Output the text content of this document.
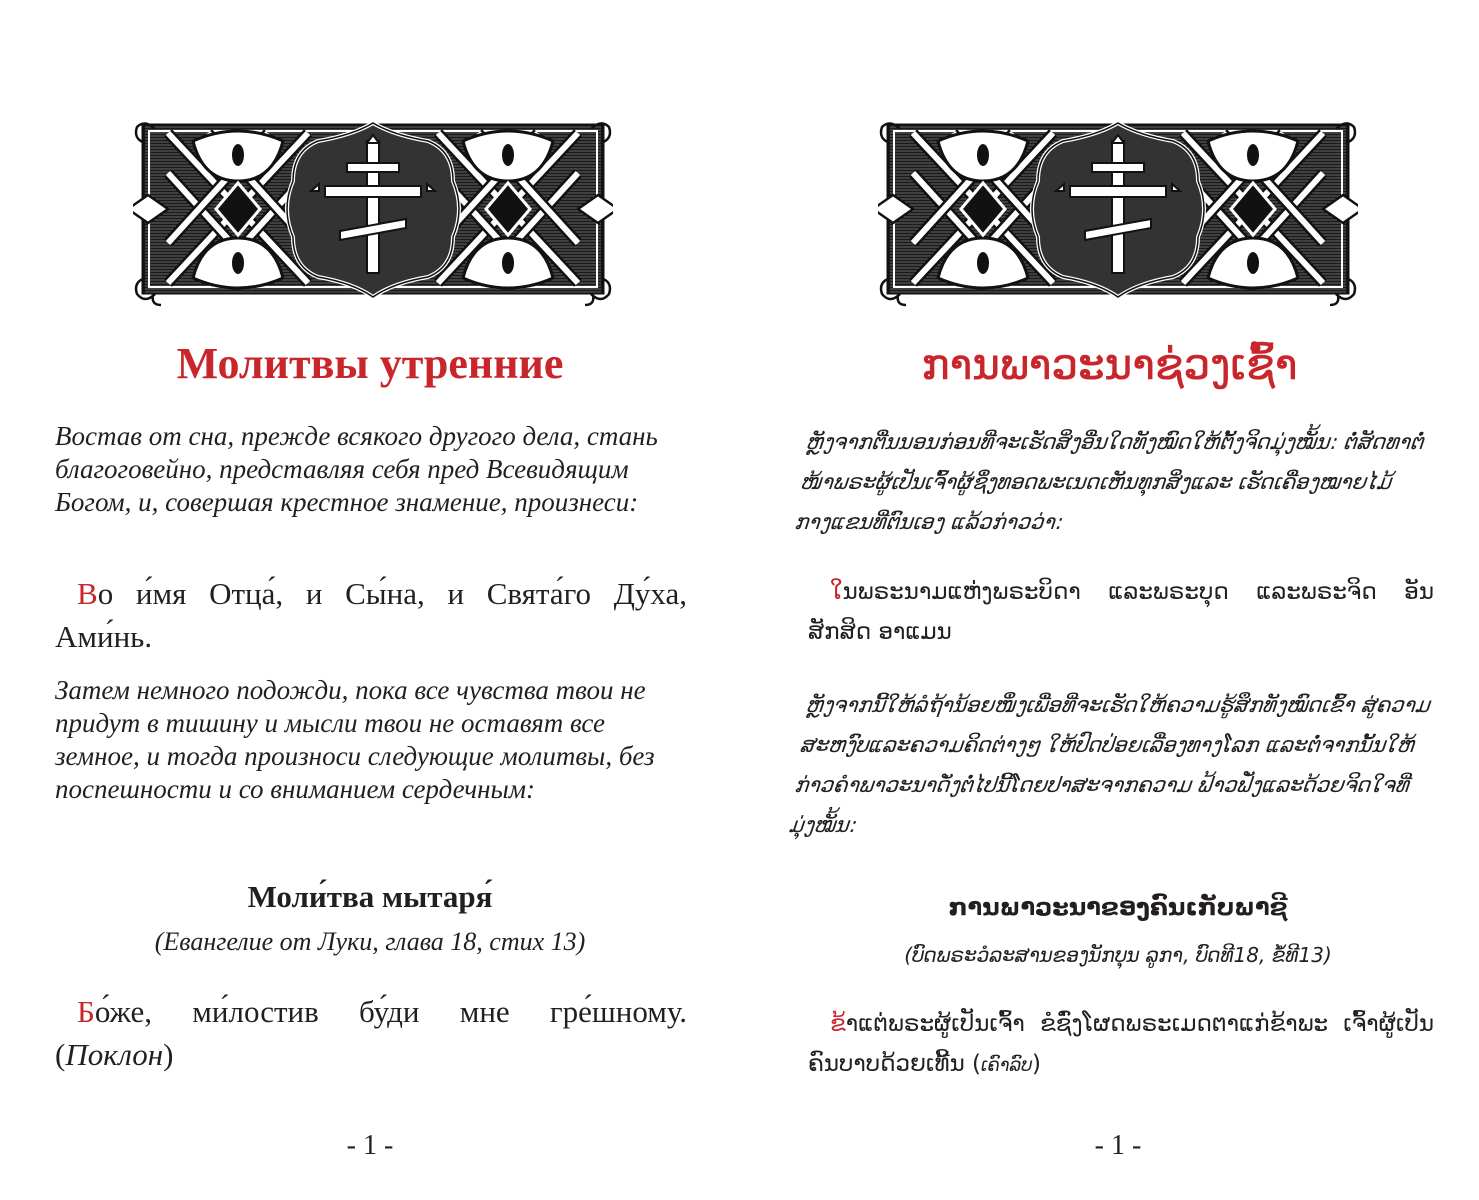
Молитвы утренние
Востав от сна, прежде всякого другого дела, стань благоговейно, представляя себя пред Всевидящим Богом, и, совершая крестное знамение, произнеси:
Во и́мя Отца́, и Сы́на, и Свята́го Ду́ха, Ами́нь.
Затем немного подожди, пока все чувства твои не придут в тишину и мысли твои не оставят все земное, и тогда произноси следующие молитвы, без поспешности и со вниманием сердечным:
Моли́тва мытаря́
(Евангелие от Луки, глава 18, стих 13)
Бо́же, ми́лостив бу́ди мне гре́шному. (Поклон)
- 1 -
ການພາວະນາຊ່ວງເຊົ້າ
ຫຼັງຈາກຕື່ນນອນກ່ອນທີ່ຈະເຮັດສິ່ງອື່ນໃດທັງໝົດໃຫ້ຕັ້ງຈິດມຸ່ງໝັ້ນ: ຕໍ່ສັດທາຕໍ່ໜ້າພຣະຜູ້ເປັນເຈົ້າຜູ້ຊຶ່ງທອດພະເນດເຫັນທຸກສິ່ງແລະ ເຮັດເຄື່ອງໝາຍໄມ້ກາງແຂນທີ່ຕົນເອງ ແລ້ວກ່າວວ່າ:
ໃນພຣະນາມແຫ່ງພຣະບິດາ ແລະພຣະບຸດ ແລະພຣະຈິດ ອັນສັກສິດ ອາແມນ
ຫຼັງຈາກນີ້ໃຫ້ລໍຖ້ານ້ອຍໜຶ່ງເພື່ອທີ່ຈະເຮັດໃຫ້ຄວາມຮູ້ສຶກທັງໝົດເຂົ້າ ສູ່ຄວາມສະຫງົບແລະຄວາມຄິດຕ່າງໆ ໃຫ້ປົດປ່ອຍເລື່ອງທາງໂລກ ແລະຕໍ່ຈາກນັ້ນໃຫ້ກ່າວຄຳພາວະນາດັ່ງຕໍ່ໄປນີ້ໂດຍປາສະຈາກຄວາມ ຟ້າວຟັ່ງແລະດ້ວຍຈິດໃຈທີ່ມຸ່ງໝັ້ນ:
ການພາວະນາຂອງຄົນເກັບພາຊີ
(ບົດພຣະວໍລະສານຂອງນັກບຸນ ລູກາ, ບົດທີ18, ຂໍ້ທີ13)
ຂ້າແຕ່ພຣະຜູ້ເປັນເຈົ້າ ຂໍຊົ່ງໂຜດພຣະເມດຕາແກ່ຂ້າພະ ເຈົ້າຜູ້ເປັນຄົນບາບດ້ວຍເທີ້ນ (ເຄົາລົບ)
- 1 -
